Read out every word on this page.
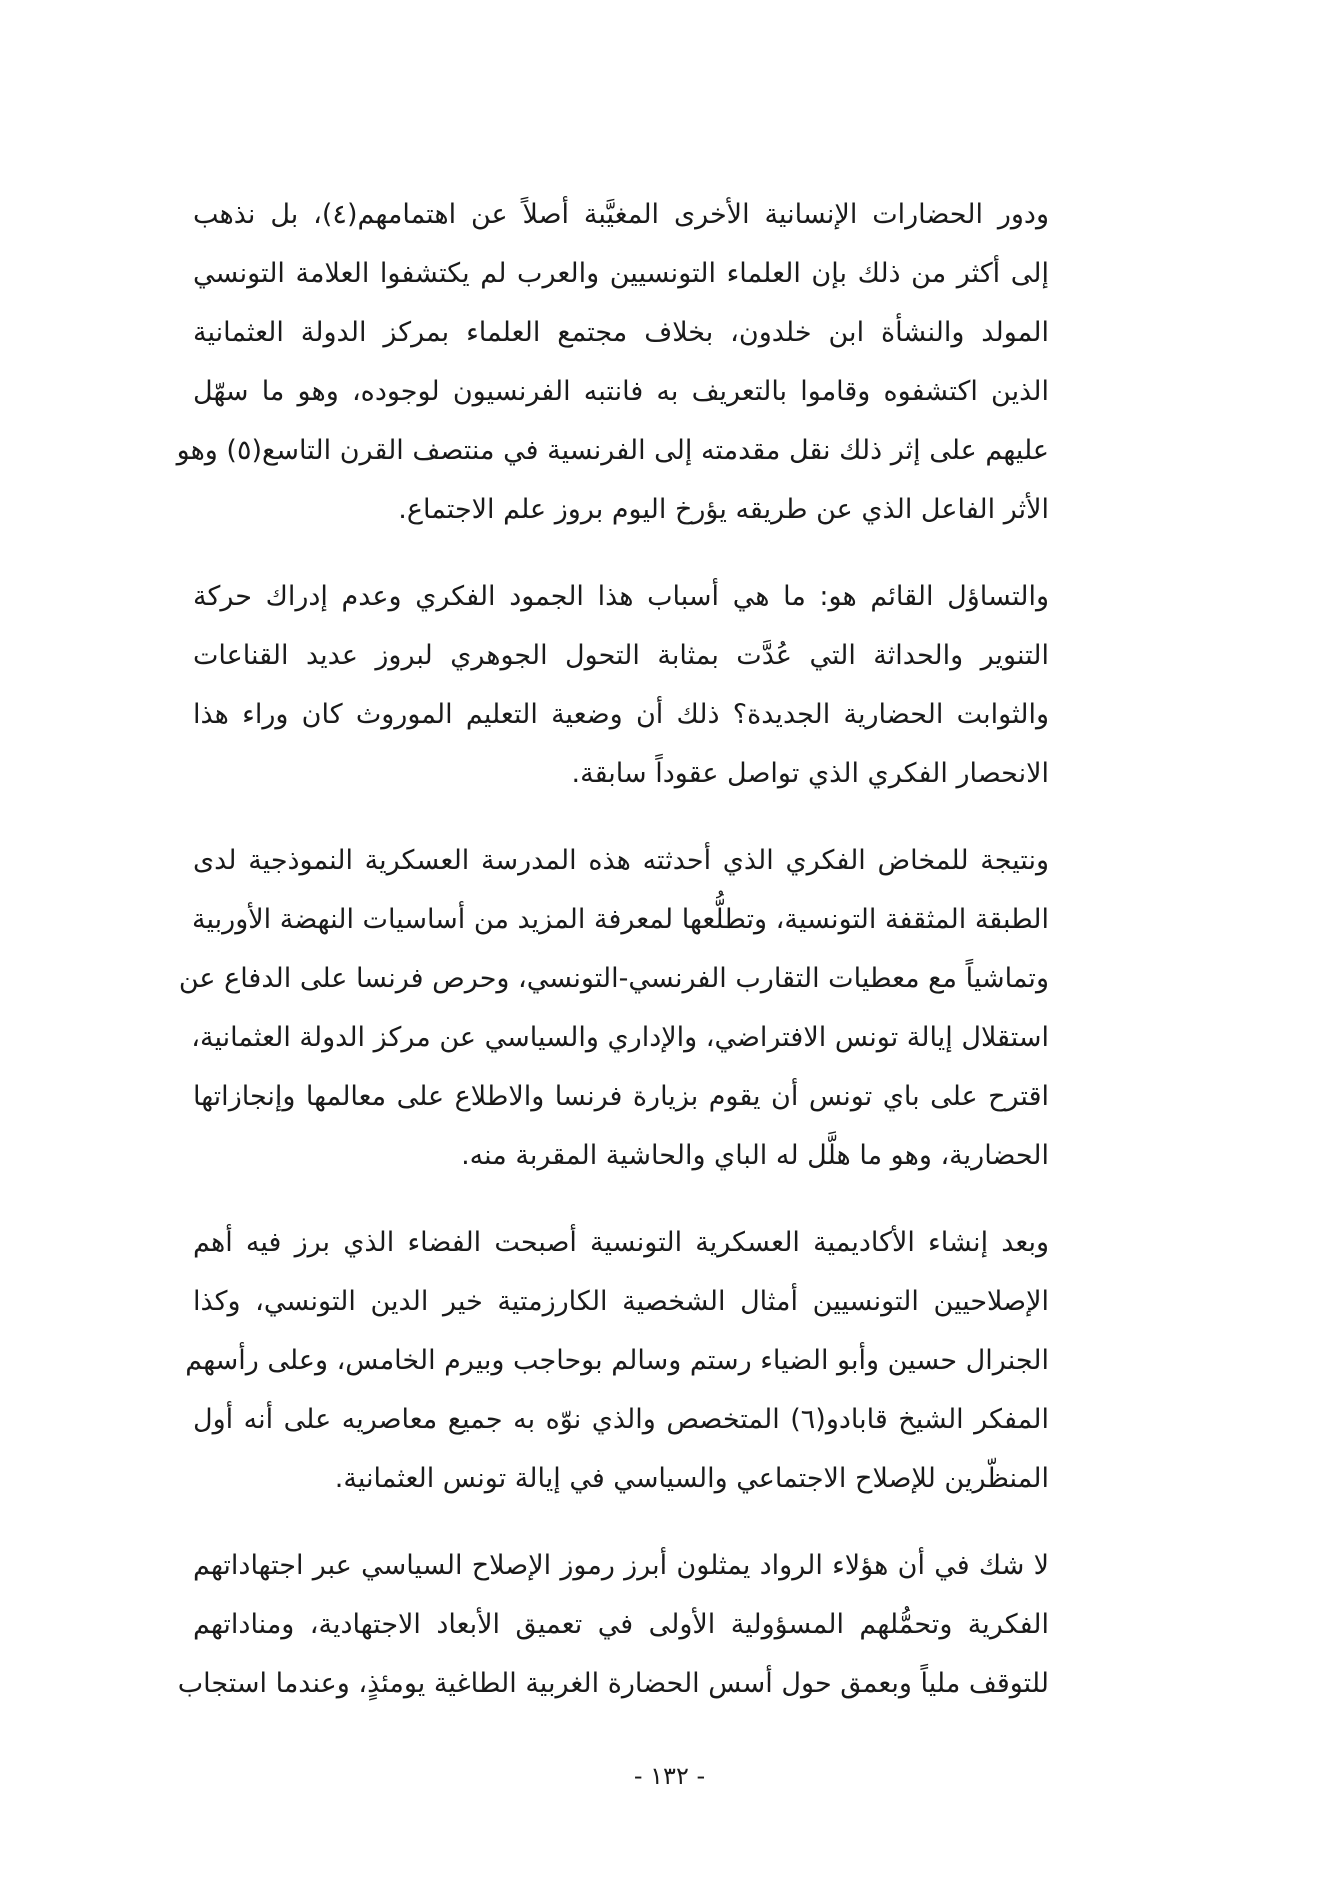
ودور الحضارات الإنسانية الأخرى المغيَّبة أصلاً عن اهتمامهم(٤)، بل نذهب
إلى أكثر من ذلك بإن العلماء التونسيين والعرب لم يكتشفوا العلامة التونسي
المولد والنشأة ابن خلدون، بخلاف مجتمع العلماء بمركز الدولة العثمانية
الذين اكتشفوه وقاموا بالتعريف به فانتبه الفرنسيون لوجوده، وهو ما سهّل
عليهم على إثر ذلك نقل مقدمته إلى الفرنسية في منتصف القرن التاسع(٥) وهو
الأثر الفاعل الذي عن طريقه يؤرخ اليوم بروز علم الاجتماع.
والتساؤل القائم هو: ما هي أسباب هذا الجمود الفكري وعدم إدراك حركة
التنوير والحداثة التي عُدَّت بمثابة التحول الجوهري لبروز عديد القناعات
والثوابت الحضارية الجديدة؟ ذلك أن وضعية التعليم الموروث كان وراء هذا
الانحصار الفكري الذي تواصل عقوداً سابقة.
ونتيجة للمخاض الفكري الذي أحدثته هذه المدرسة العسكرية النموذجية لدى
الطبقة المثقفة التونسية، وتطلُّعها لمعرفة المزيد من أساسيات النهضة الأوربية
وتماشياً مع معطيات التقارب الفرنسي-التونسي، وحرص فرنسا على الدفاع عن
استقلال إيالة تونس الافتراضي، والإداري والسياسي عن مركز الدولة العثمانية،
اقترح على باي تونس أن يقوم بزيارة فرنسا والاطلاع على معالمها وإنجازاتها
الحضارية، وهو ما هلَّل له الباي والحاشية المقربة منه.
وبعد إنشاء الأكاديمية العسكرية التونسية أصبحت الفضاء الذي برز فيه أهم
الإصلاحيين التونسيين أمثال الشخصية الكارزمتية خير الدين التونسي، وكذا
الجنرال حسين وأبو الضياء رستم وسالم بوحاجب وبيرم الخامس، وعلى رأسهم
المفكر الشيخ قابادو(٦) المتخصص والذي نوّه به جميع معاصريه على أنه أول
المنظّرين للإصلاح الاجتماعي والسياسي في إيالة تونس العثمانية.
لا شك في أن هؤلاء الرواد يمثلون أبرز رموز الإصلاح السياسي عبر اجتهاداتهم
الفكرية وتحمُّلهم المسؤولية الأولى في تعميق الأبعاد الاجتهادية، ومناداتهم
للتوقف ملياً وبعمق حول أسس الحضارة الغربية الطاغية يومئذٍ، وعندما استجاب
- ١٣٢ -
